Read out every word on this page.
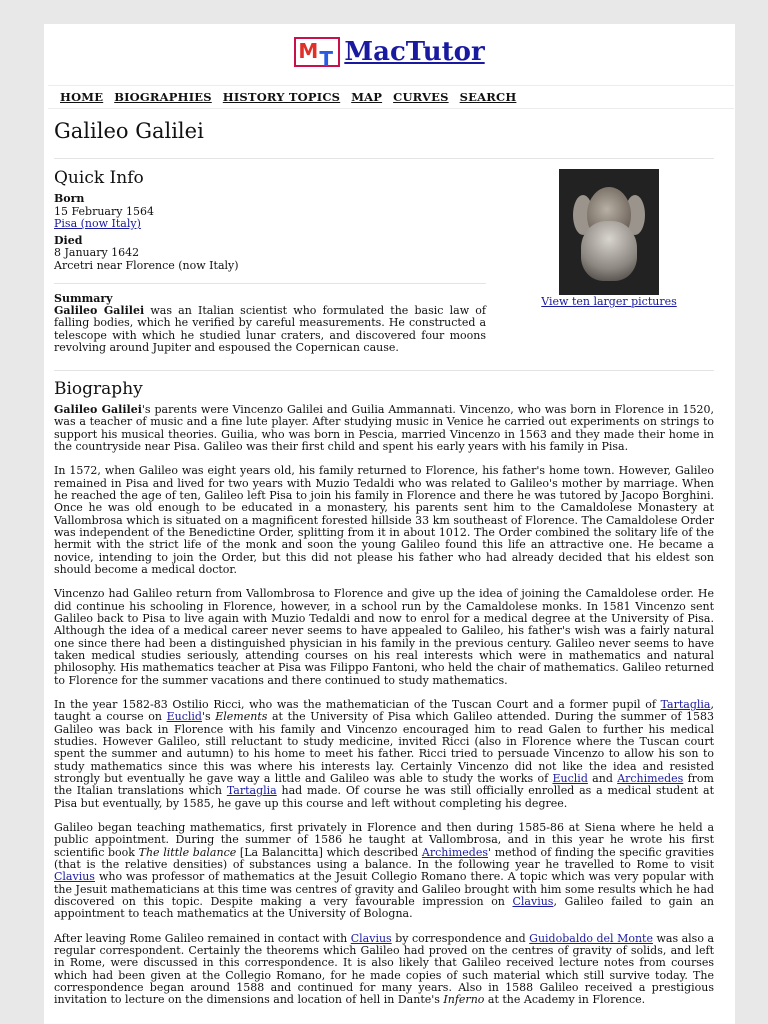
M T MacTutor
HOME BIOGRAPHIES HISTORY TOPICS MAP CURVES SEARCH
Galileo Galilei
Quick Info
Born
15 February 1564
Pisa (now Italy)
Died
8 January 1642
Arcetri near Florence (now Italy)
Summary
Galileo Galilei was an Italian scientist who formulated the basic law of falling bodies, which he verified by careful measurements. He constructed a telescope with which he studied lunar craters, and discovered four moons revolving around Jupiter and espoused the Copernican cause.
View ten larger pictures
Biography

Galileo Galilei's parents were Vincenzo Galilei and Guilia Ammannati. Vincenzo, who was born in Florence in 1520, was a teacher of music and a fine lute player. After studying music in Venice he carried out experiments on strings to support his musical theories. Guilia, who was born in Pescia, married Vincenzo in 1563 and they made their home in the countryside near Pisa. Galileo was their first child and spent his early years with his family in Pisa.

In 1572, when Galileo was eight years old, his family returned to Florence, his father's home town. However, Galileo remained in Pisa and lived for two years with Muzio Tedaldi who was related to Galileo's mother by marriage. When he reached the age of ten, Galileo left Pisa to join his family in Florence and there he was tutored by Jacopo Borghini. Once he was old enough to be educated in a monastery, his parents sent him to the Camaldolese Monastery at Vallombrosa which is situated on a magnificent forested hillside 33 km southeast of Florence. The Camaldolese Order was independent of the Benedictine Order, splitting from it in about 1012. The Order combined the solitary life of the hermit with the strict life of the monk and soon the young Galileo found this life an attractive one. He became a novice, intending to join the Order, but this did not please his father who had already decided that his eldest son should become a medical doctor.

Vincenzo had Galileo return from Vallombrosa to Florence and give up the idea of joining the Camaldolese order. He did continue his schooling in Florence, however, in a school run by the Camaldolese monks. In 1581 Vincenzo sent Galileo back to Pisa to live again with Muzio Tedaldi and now to enrol for a medical degree at the University of Pisa. Although the idea of a medical career never seems to have appealed to Galileo, his father's wish was a fairly natural one since there had been a distinguished physician in his family in the previous century. Galileo never seems to have taken medical studies seriously, attending courses on his real interests which were in mathematics and natural philosophy. His mathematics teacher at Pisa was Filippo Fantoni, who held the chair of mathematics. Galileo returned to Florence for the summer vacations and there continued to study mathematics.

In the year 1582-83 Ostilio Ricci, who was the mathematician of the Tuscan Court and a former pupil of Tartaglia, taught a course on Euclid's Elements at the University of Pisa which Galileo attended. During the summer of 1583 Galileo was back in Florence with his family and Vincenzo encouraged him to read Galen to further his medical studies. However Galileo, still reluctant to study medicine, invited Ricci (also in Florence where the Tuscan court spent the summer and autumn) to his home to meet his father. Ricci tried to persuade Vincenzo to allow his son to study mathematics since this was where his interests lay. Certainly Vincenzo did not like the idea and resisted strongly but eventually he gave way a little and Galileo was able to study the works of Euclid and Archimedes from the Italian translations which Tartaglia had made. Of course he was still officially enrolled as a medical student at Pisa but eventually, by 1585, he gave up this course and left without completing his degree.

Galileo began teaching mathematics, first privately in Florence and then during 1585-86 at Siena where he held a public appointment. During the summer of 1586 he taught at Vallombrosa, and in this year he wrote his first scientific book The little balance [La Balancitta] which described Archimedes' method of finding the specific gravities (that is the relative densities) of substances using a balance. In the following year he travelled to Rome to visit Clavius who was professor of mathematics at the Jesuit Collegio Romano there. A topic which was very popular with the Jesuit mathematicians at this time was centres of gravity and Galileo brought with him some results which he had discovered on this topic. Despite making a very favourable impression on Clavius, Galileo failed to gain an appointment to teach mathematics at the University of Bologna.

After leaving Rome Galileo remained in contact with Clavius by correspondence and Guidobaldo del Monte was also a regular correspondent. Certainly the theorems which Galileo had proved on the centres of gravity of solids, and left in Rome, were discussed in this correspondence. It is also likely that Galileo received lecture notes from courses which had been given at the Collegio Romano, for he made copies of such material which still survive today. The correspondence began around 1588 and continued for many years. Also in 1588 Galileo received a prestigious invitation to lecture on the dimensions and location of hell in Dante's Inferno at the Academy in Florence.
